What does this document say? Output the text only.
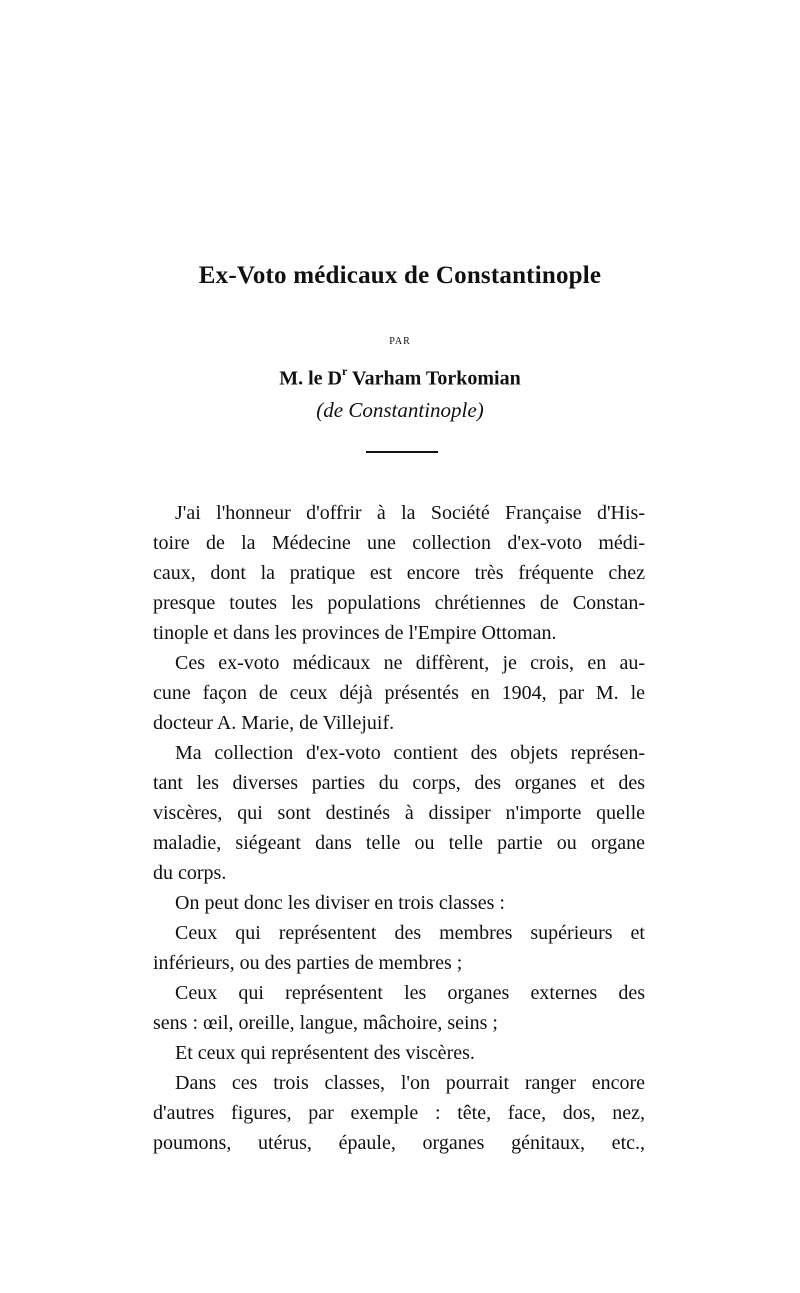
Ex-Voto médicaux de Constantinople
PAR
M. le $D^r$ Varham Torkomian
(de Constantinople)
J'ai l'honneur d'offrir à la Société Française d'His-
toire de la Médecine une collection d'ex-voto médi-
caux, dont la pratique est encore très fréquente chez
presque toutes les populations chrétiennes de Constan-
tinople et dans les provinces de l'Empire Ottoman.
Ces ex-voto médicaux ne diffèrent, je crois, en au-
cune façon de ceux déjà présentés en 1904, par M. le
docteur A. Marie, de Villejuif.
Ma collection d'ex-voto contient des objets représen-
tant les diverses parties du corps, des organes et des
viscères, qui sont destinés à dissiper n'importe quelle
maladie, siégeant dans telle ou telle partie ou organe
du corps.
On peut donc les diviser en trois classes :
Ceux qui représentent des membres supérieurs et
inférieurs, ou des parties de membres ;
Ceux qui représentent les organes externes des
sens : œil, oreille, langue, mâchoire, seins ;
Et ceux qui représentent des viscères.
Dans ces trois classes, l'on pourrait ranger encore
d'autres figures, par exemple : tête, face, dos, nez,
poumons, utérus, épaule, organes génitaux, etc.,
